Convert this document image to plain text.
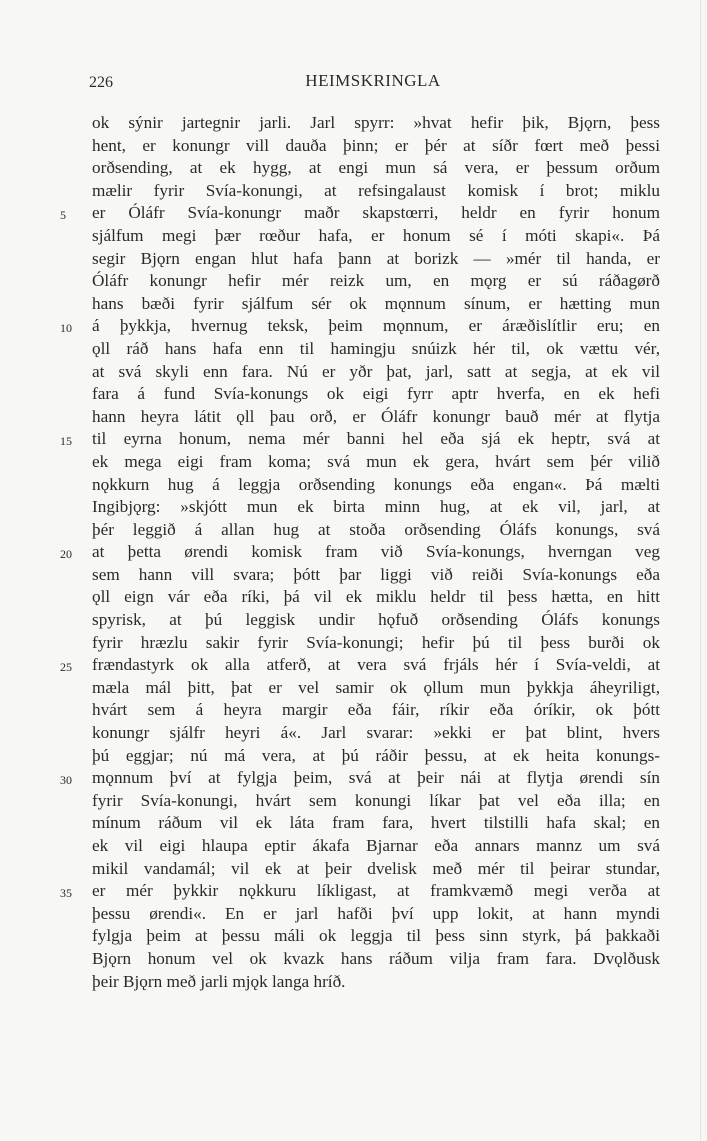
226	HEIMSKRINGLA
ok sýnir jartegnir jarli. Jarl spyrr: »hvat hefir þik, Bjǫrn, þess
hent, er konungr vill dauða þinn; er þér at síðr fœrt með þessi
orðsending, at ek hygg, at engi mun sá vera, er þessum orðum
mælir fyrir Svía-konungi, at refsingalaust komisk í brot; miklu
5	er Óláfr Svía-konungr maðr skapstœrri, heldr en fyrir honum
sjálfum megi þær rœður hafa, er honum sé í móti skapi«. Þá
segir Bjǫrn engan hlut hafa þann at borizk — »mér til handa, er
Óláfr konungr hefir mér reizk um, en mǫrg er sú ráðagørð
hans bæði fyrir sjálfum sér ok mǫnnum sínum, er hætting mun
10	á þykkja, hvernug teksk, þeim mǫnnum, er áræðislítlir eru; en
ǫll ráð hans hafa enn til hamingju snúizk hér til, ok vættu vér,
at svá skyli enn fara. Nú er yðr þat, jarl, satt at segja, at ek vil
fara á fund Svía-konungs ok eigi fyrr aptr hverfa, en ek hefi
hann heyra látit ǫll þau orð, er Óláfr konungr bauð mér at flytja
15	til eyrna honum, nema mér banni hel eða sjá ek heptr, svá at
ek mega eigi fram koma; svá mun ek gera, hvárt sem þér vilið
nǫkkurn hug á leggja orðsending konungs eða engan«. Þá mælti
Ingibjǫrg: »skjótt mun ek birta minn hug, at ek vil, jarl, at
þér leggið á allan hug at stoða orðsending Óláfs konungs, svá
20	at þetta ørendi komisk fram við Svía-konungs, hverngan veg
sem hann vill svara; þótt þar liggi við reiði Svía-konungs eða
ǫll eign vár eða ríki, þá vil ek miklu heldr til þess hætta, en hitt
spyrisk, at þú leggisk undir hǫfuð orðsending Óláfs konungs
fyrir hræzlu sakir fyrir Svía-konungi; hefir þú til þess burði ok
25	frændastyrk ok alla atferð, at vera svá frjáls hér í Svía-veldi, at
mæla mál þitt, þat er vel samir ok ǫllum mun þykkja áheyriligt,
hvárt sem á heyra margir eða fáir, ríkir eða óríkir, ok þótt
konungr sjálfr heyri á«. Jarl svarar: »ekki er þat blint, hvers
þú eggjar; nú má vera, at þú ráðir þessu, at ek heita konungs-
30	mǫnnum því at fylgja þeim, svá at þeir nái at flytja ørendi sín
fyrir Svía-konungi, hvárt sem konungi líkar þat vel eða illa; en
mínum ráðum vil ek láta fram fara, hvert tilstilli hafa skal; en
ek vil eigi hlaupa eptir ákafa Bjarnar eða annars mannz um svá
mikil vandamál; vil ek at þeir dvelisk með mér til þeirar stundar,
35	er mér þykkir nǫkkuru líkligast, at framkvæmð megi verða at
þessu ørendi«. En er jarl hafði því upp lokit, at hann myndi
fylgja þeim at þessu máli ok leggja til þess sinn styrk, þá þakkaði
Bjǫrn honum vel ok kvazk hans ráðum vilja fram fara. Dvǫlðusk
þeir Bjǫrn með jarli mjǫk langa hríð.
